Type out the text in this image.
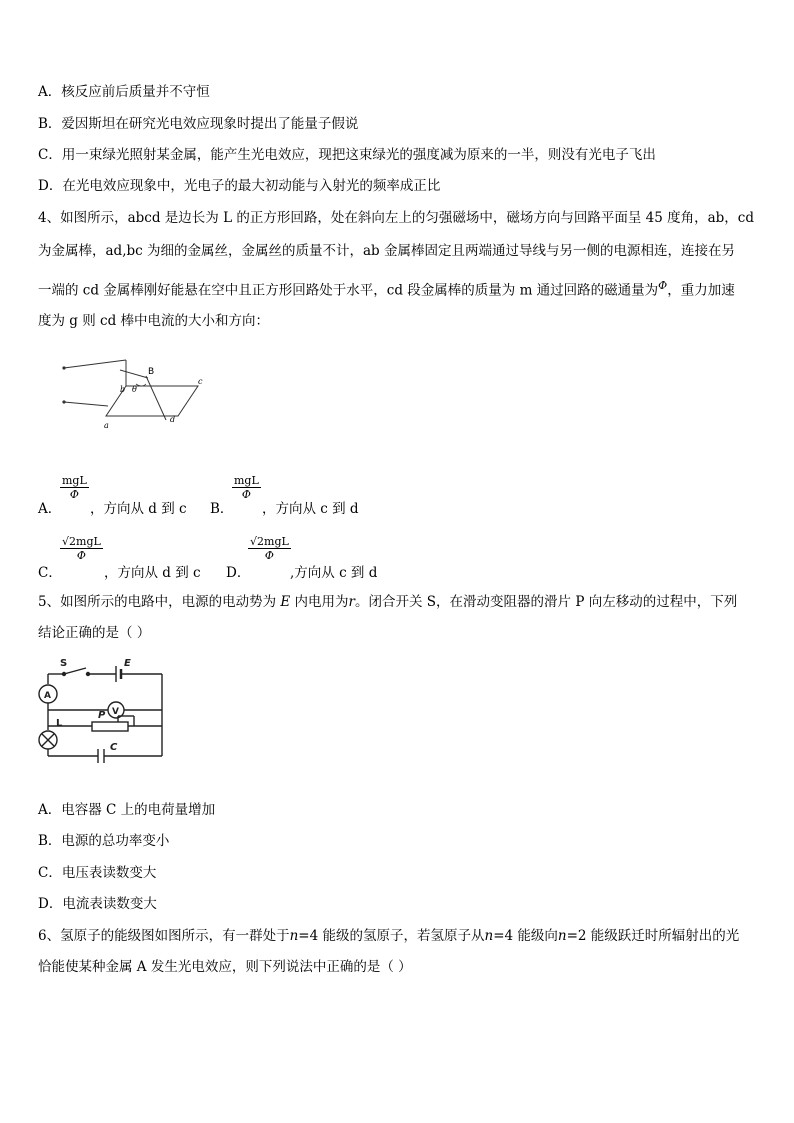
A．核反应前后质量并不守恒
B．爱因斯坦在研究光电效应现象时提出了能量子假说
C．用一束绿光照射某金属，能产生光电效应，现把这束绿光的强度减为原来的一半，则没有光电子飞出
D．在光电效应现象中，光电子的最大初动能与入射光的频率成正比
4、如图所示，abcd 是边长为 L 的正方形回路，处在斜向左上的匀强磁场中，磁场方向与回路平面呈 45 度角，ab，cd
为金属棒，ad,bc 为细的金属丝，金属丝的质量不计，ab 金属棒固定且两端通过导线与另一侧的电源相连，连接在另
一端的 cd 金属棒刚好能悬在空中且正方形回路处于水平，cd 段金属棒的质量为 m 通过回路的磁通量为$^\Phi$，重力加速
度为 g 则 cd 棒中电流的大小和方向：
B
b θ
c
a
d
A．
mgL
Φ
，方向从 d 到 c B．
mgL
Φ
，方向从 c 到 d
C．
√2mgL
Φ
，方向从 d 到 c D．
√2mgL
Φ
,方向从 c 到 d
5、如图所示的电路中，电源的电动势为 E 内电用为r。闭合开关 S，在滑动变阻器的滑片 P 向左移动的过程中，下列
结论正确的是（ ）
S	E
A
V
L
P
C
A．电容器 C 上的电荷量增加
B．电源的总功率变小
C．电压表读数变大
D．电流表读数变大
6、氢原子的能级图如图所示，有一群处于n=4 能级的氢原子，若氢原子从n=4 能级向n=2 能级跃迁时所辐射出的光
恰能使某种金属 A 发生光电效应，则下列说法中正确的是（ ）
